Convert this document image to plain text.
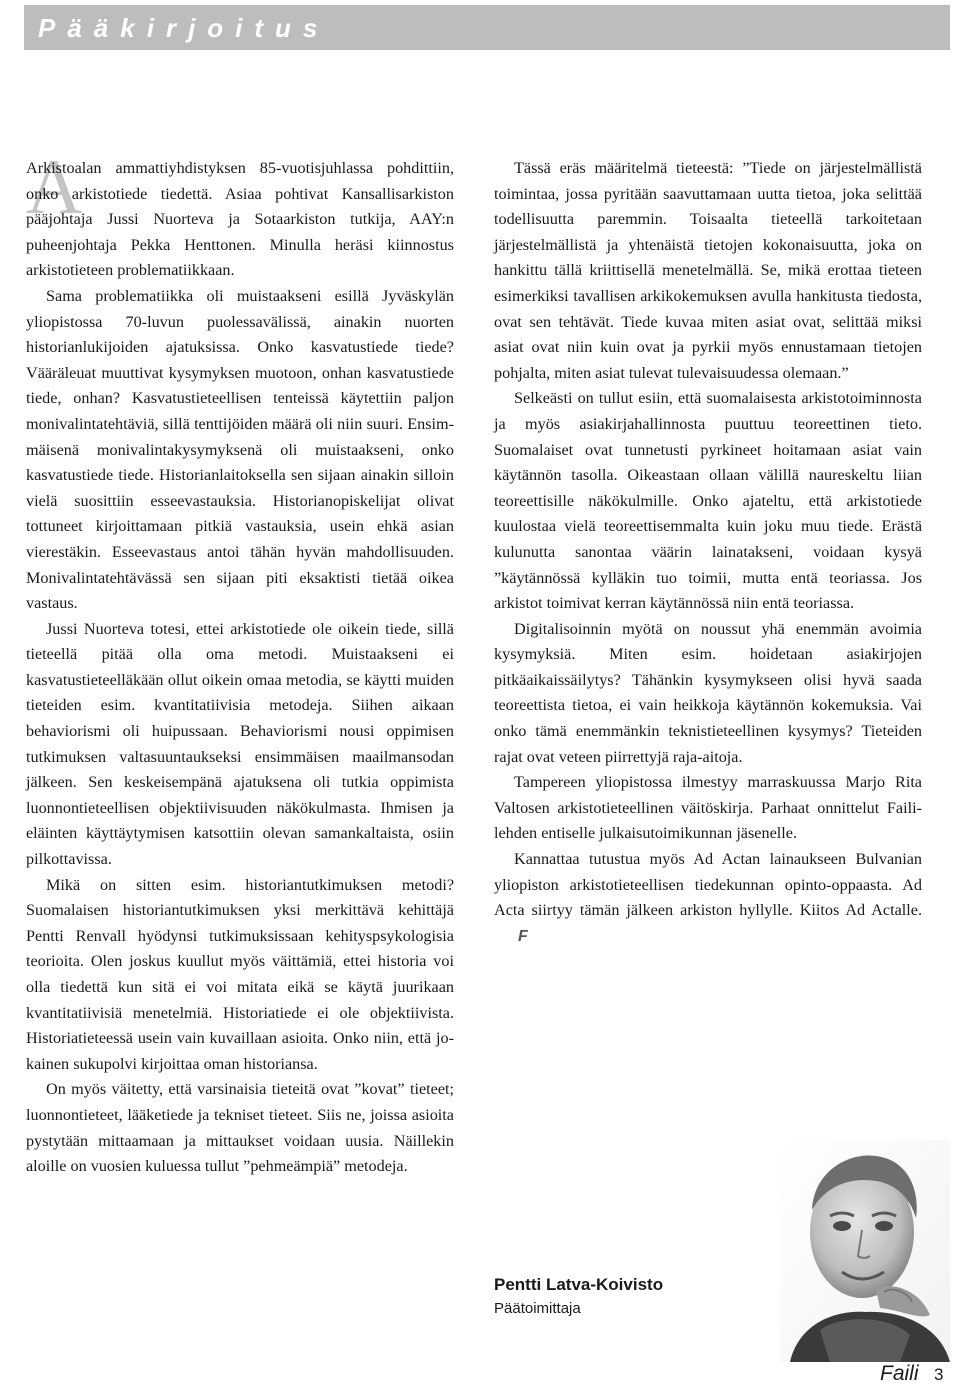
Pääkirjoitus
A

Arkistoalan ammattiyhdistyksen 85-vuotisjuhlassa pohdittiin, onko arkistotiede tiedettä. Asiaa pohtivat Kansallisarkiston pääjohtaja Jussi Nuorteva ja Sotaarkiston tutkija, AAY:n puheenjohtaja Pekka Henttonen. Minulla heräsi kiinnostus arkistotieteen problematiikkaan.

Sama problematiikka oli muistaakseni esillä Jyväskylän yliopistossa 70-luvun puolessavälissä, ainakin nuorten historianlukijoiden ajatuksissa. Onko kasvatustiede tiede? Vääräleuat muuttivat kysymyksen muotoon, onhan kasvatustiede tiede, onhan? Kasvatustieteellisen tenteissä käytettiin paljon monivalintatehtäviä, sillä tenttijöiden määrä oli niin suuri. Ensimmäisenä monivalintakysymyksenä oli muistaakseni, onko kasvatustiede tiede. Historianlaitoksella sen sijaan ainakin silloin vielä suosittiin esseevastauksia. Historianopiskelijat olivat tottuneet kirjoittamaan pitkiä vastauksia, usein ehkä asian vierestäkin. Esseevastaus antoi tähän hyvän mahdollisuuden. Monivalintatehtävässä sen sijaan piti eksaktisti tietää oikea vastaus.

Jussi Nuorteva totesi, ettei arkistotiede ole oikein tiede, sillä tieteellä pitää olla oma metodi. Muistaakseni ei kasvatustieteelläkään ollut oikein omaa metodia, se käytti muiden tieteiden esim. kvantitatiivisia metodeja. Siihen aikaan behaviorismi oli huipussaan. Behaviorismi nousi oppimisen tutkimuksen valtasuuntaukseksi ensimmäisen maailmansodan jälkeen. Sen keskeisempänä ajatuksena oli tutkia oppimista luonnontieteellisen objektiivisuuden näkökulmasta. Ihmisen ja eläinten käyttäytymisen katsottiin olevan samankaltaista, osiin pilkottavissa.

Mikä on sitten esim. historiantutkimuksen metodi? Suomalaisen historiantutkimuksen yksi merkittävä kehittäjä Pentti Renvall hyödynsi tutkimuksissaan kehityspsykologisia teorioita. Olen joskus kuullut myös väittämiä, ettei historia voi olla tiedettä kun sitä ei voi mitata eikä se käytä juurikaan kvantitatiivisiä menetelmiä. Historiatiede ei ole objektiivista. Historiatieteessä usein vain kuvaillaan asioita. Onko niin, että jokainen sukupolvi kirjoittaa oman historiansa.

On myös väitetty, että varsinaisia tieteitä ovat ”kovat” tieteet; luonnontieteet, lääketiede ja tekniset tieteet. Siis ne, joissa asioita pystytään mittaamaan ja mittaukset voidaan uusia. Näillekin aloille on vuosien kuluessa tullut ”pehmeämpiä” metodeja.

Tässä eräs määritelmä tieteestä: ”Tiede on järjestelmällistä toimintaa, jossa pyritään saavuttamaan uutta tietoa, joka selittää todellisuutta paremmin. Toisaalta tieteellä tarkoitetaan järjestelmällistä ja yhtenäistä tietojen kokonaisuutta, joka on hankittu tällä kriittisellä menetelmällä. Se, mikä erottaa tieteen esimerkiksi tavallisen arkikokemuksen avulla hankitusta tiedosta, ovat sen tehtävät. Tiede kuvaa miten asiat ovat, selittää miksi asiat ovat niin kuin ovat ja pyrkii myös ennustamaan tietojen pohjalta, miten asiat tulevat tulevaisuudessa olemaan.”

Selkeästi on tullut esiin, että suomalaisesta arkistotoiminnosta ja myös asiakirjahallinnosta puuttuu teoreettinen tieto. Suomalaiset ovat tunnetusti pyrkineet hoitamaan asiat vain käytännön tasolla. Oikeastaan ollaan välillä naureskeltu liian teoreettisille näkökulmille. Onko ajateltu, että arkistotiede kuulostaa vielä teoreettisemmalta kuin joku muu tiede. Erästä kulunutta sanontaa väärin lainatakseni, voidaan kysyä ”käytännössä kylläkin tuo toimii, mutta entä teoriassa. Jos arkistot toimivat kerran käytännössä niin entä teoriassa.

Digitalisoinnin myötä on noussut yhä enemmän avoimia kysymyksiä. Miten esim. hoidetaan asiakirjojen pitkäaikaissäilytys? Tähänkin kysymykseen olisi hyvä saada teoreettista tietoa, ei vain heikkoja käytännön kokemuksia. Vai onko tämä enemmänkin teknistieteellinen kysymys? Tieteiden rajat ovat veteen piirrettyjä raja-aitoja.

Tampereen yliopistossa ilmestyy marraskuussa Marjo Rita Valtosen arkistotieteellinen väitöskirja. Parhaat onnittelut Faili-lehden entiselle julkaisutoimikunnan jäsenelle.

Kannattaa tutustua myös Ad Actan lainaukseen Bulvanian yliopiston arkistotieteellisen tiedekunnan opinto-oppaasta. Ad Acta siirtyy tämän jälkeen arkiston hyllylle. Kiitos Ad Actalle.F

Pentti Latva-Koivisto
Päätoimittaja
Faili 3
